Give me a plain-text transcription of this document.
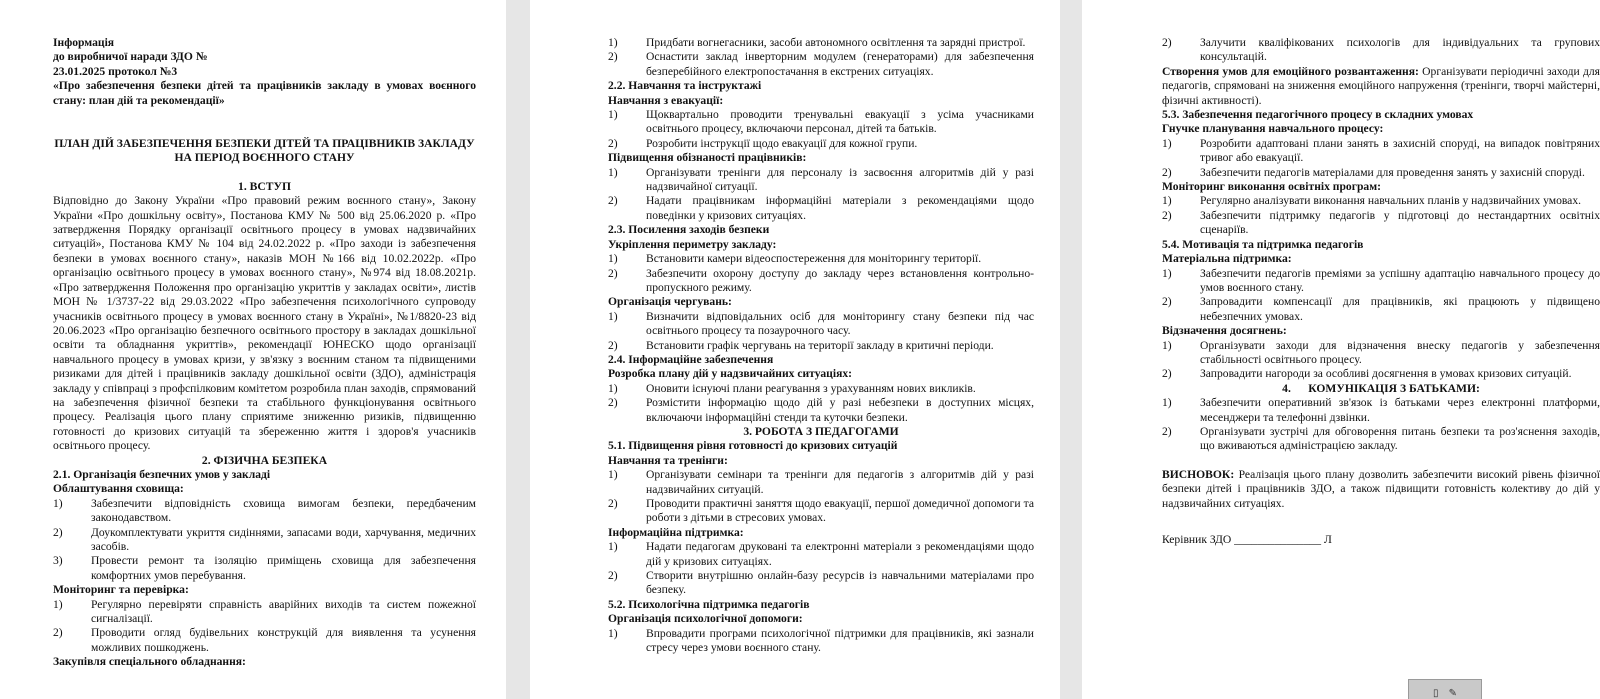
Інформація
до виробничої наради ЗДО №
23.01.2025 протокол №3
«Про забезпечення безпеки дітей та працівників закладу в умовах воєнного стану: план дій та рекомендації»
ПЛАН ДІЙ ЗАБЕЗПЕЧЕННЯ БЕЗПЕКИ ДІТЕЙ ТА ПРАЦІВНИКІВ ЗАКЛАДУ НА ПЕРІОД ВОЄННОГО СТАНУ
1. ВСТУП

Відповідно до Закону України «Про правовий режим воєнного стану», Закону України «Про дошкільну освіту», Постанова КМУ № 500 від 25.06.2020 р. «Про затвердження Порядку організації освітнього процесу в умовах надзвичайних ситуацій», Постанова КМУ № 104 від 24.02.2022 р. «Про заходи із забезпечення безпеки в умовах воєнного стану», наказів МОН №166 від 10.02.2022р. «Про організацію освітнього процесу в умовах воєнного стану», №974 від 18.08.2021р. «Про затвердження Положення про організацію укриттів у закладах освіти», листів МОН № 1/3737-22 від 29.03.2022 «Про забезпечення психологічного супроводу учасників освітнього процесу в умовах воєнного стану в Україні», №1/8820-23 від 20.06.2023 «Про організацію безпечного освітнього простору в закладах дошкільної освіти та обладнання укриттів», рекомендації ЮНЕСКО щодо організації навчального процесу в умовах кризи, у зв'язку з воєнним станом та підвищеними ризиками для дітей і працівників закладу дошкільної освіти (ЗДО), адміністрація закладу у співпраці з профспілковим комітетом розробила план заходів, спрямований на забезпечення фізичної безпеки та стабільного функціонування освітнього процесу. Реалізація цього плану сприятиме зниженню ризиків, підвищенню готовності до кризових ситуацій та збереженню життя і здоров'я учасників освітнього процесу.

2. ФІЗИЧНА БЕЗПЕКА
2.1. Організація безпечних умов у закладі
Облаштування сховища:
1)	Забезпечити відповідність сховища вимогам безпеки, передбаченим законодавством.
2)	Доукомплектувати укриття сидіннями, запасами води, харчування, медичних засобів.
3)	Провести ремонт та ізоляцію приміщень сховища для забезпечення комфортних умов перебування.
Моніторинг та перевірка:
1)	Регулярно перевіряти справність аварійних виходів та систем пожежної сигналізації.
2)	Проводити огляд будівельних конструкцій для виявлення та усунення можливих пошкоджень.
Закупівля спеціального обладнання:
1)	Придбати вогнегасники, засоби автономного освітлення та зарядні пристрої.
2)	Оснастити заклад інверторним модулем (генераторами) для забезпечення безперебійного електропостачання в екстрених ситуаціях.
2.2. Навчання та інструктажі
Навчання з евакуації:
1)	Щоквартально проводити тренувальні евакуації з усіма учасниками освітнього процесу, включаючи персонал, дітей та батьків.
2)	Розробити інструкції щодо евакуації для кожної групи.
Підвищення обізнаності працівників:
1)	Організувати тренінги для персоналу із засвоєння алгоритмів дій у разі надзвичайної ситуації.
2)	Надати працівникам інформаційні матеріали з рекомендаціями щодо поведінки у кризових ситуаціях.
2.3. Посилення заходів безпеки
Укріплення периметру закладу:
1)	Встановити камери відеоспостереження для моніторингу території.
2)	Забезпечити охорону доступу до закладу через встановлення контрольно-пропускного режиму.
Організація чергувань:
1)	Визначити відповідальних осіб для моніторингу стану безпеки під час освітнього процесу та позаурочного часу.
2)	Встановити графік чергувань на території закладу в критичні періоди.
2.4. Інформаційне забезпечення
Розробка плану дій у надзвичайних ситуаціях:
1)	Оновити існуючі плани реагування з урахуванням нових викликів.
2)	Розмістити інформацію щодо дій у разі небезпеки в доступних місцях, включаючи інформаційні стенди та куточки безпеки.
3. РОБОТА З ПЕДАГОГАМИ
5.1. Підвищення рівня готовності до кризових ситуацій
Навчання та тренінги:
1)	Організувати семінари та тренінги для педагогів з алгоритмів дій у разі надзвичайних ситуацій.
2)	Проводити практичні заняття щодо евакуації, першої домедичної допомоги та роботи з дітьми в стресових умовах.
Інформаційна підтримка:
1)	Надати педагогам друковані та електронні матеріали з рекомендаціями щодо дій у кризових ситуаціях.
2)	Створити внутрішню онлайн-базу ресурсів із навчальними матеріалами про безпеку.
5.2. Психологічна підтримка педагогів
Організація психологічної допомоги:
1)	Впровадити програми психологічної підтримки для працівників, які зазнали стресу через умови воєнного стану.
2)	Залучити кваліфікованих психологів для індивідуальних та групових консультацій.

Створення умов для емоційного розвантаження: Організувати періодичні заходи для педагогів, спрямовані на зниження емоційного напруження (тренінги, творчі майстерні, фізичні активності).

5.3. Забезпечення педагогічного процесу в складних умовах
Гнучке планування навчального процесу:
1)	Розробити адаптовані плани занять в захисній споруді, на випадок повітряних тривог або евакуації.
2)	Забезпечити педагогів матеріалами для проведення занять у захисній споруді.
Моніторинг виконання освітніх програм:
1)	Регулярно аналізувати виконання навчальних планів у надзвичайних умовах.
2)	Забезпечити підтримку педагогів у підготовці до нестандартних освітніх сценаріїв.
5.4. Мотивація та підтримка педагогів
Матеріальна підтримка:
1)	Забезпечити педагогів преміями за успішну адаптацію навчального процесу до умов воєнного стану.
2)	Запровадити компенсації для працівників, які працюють у підвищено небезпечних умовах.
Відзначення досягнень:
1)	Організувати заходи для відзначення внеску педагогів у забезпечення стабільності освітнього процесу.
2)	Запровадити нагороди за особливі досягнення в умовах кризових ситуацій.
4.      КОМУНІКАЦІЯ З БАТЬКАМИ:
1)	Забезпечити оперативний зв'язок із батьками через електронні платформи, месенджери та телефонні дзвінки.
2)	Організувати зустрічі для обговорення питань безпеки та роз'яснення заходів, що вживаються адміністрацією закладу.

ВИСНОВОК: Реалізація цього плану дозволить забезпечити високий рівень фізичної безпеки дітей і працівників ЗДО, а також підвищити готовність колективу до дій у надзвичайних ситуаціях.

Керівник ЗДО _______________ Л
▯ ✎
